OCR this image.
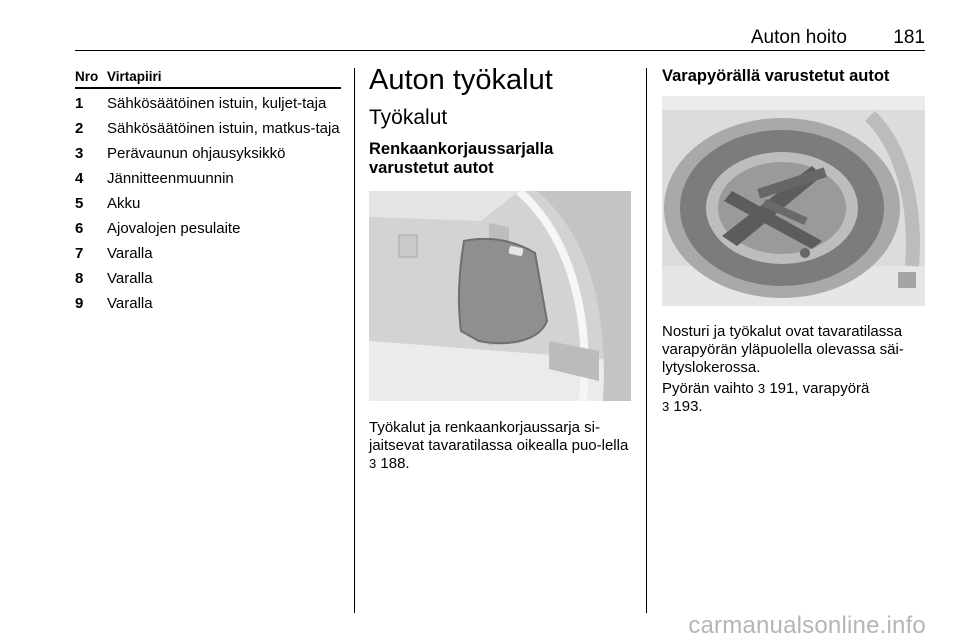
Auton hoito 181
Nro Virtapiiri
1 Sähkösäätöinen istuin, kuljet-taja
2 Sähkösäätöinen istuin, matkus-taja
3 Perävaunun ohjausyksikkö
4 Jännitteenmuunnin
5 Akku
6 Ajovalojen pesulaite
7 Varalla
8 Varalla
9 Varalla
Auton työkalut
Työkalut
Renkaankorjaussarjalla varustetut autot
Työkalut ja renkaankorjaussarja si-jaitsevat tavaratilassa oikealla puo-lella 3 188.
Varapyörällä varustetut autot
Nosturi ja työkalut ovat tavaratilassa varapyörän yläpuolella olevassa säi-lytyslokerossa.
Pyörän vaihto 3 191, varapyörä
3 193.
carmanualsonline.info
